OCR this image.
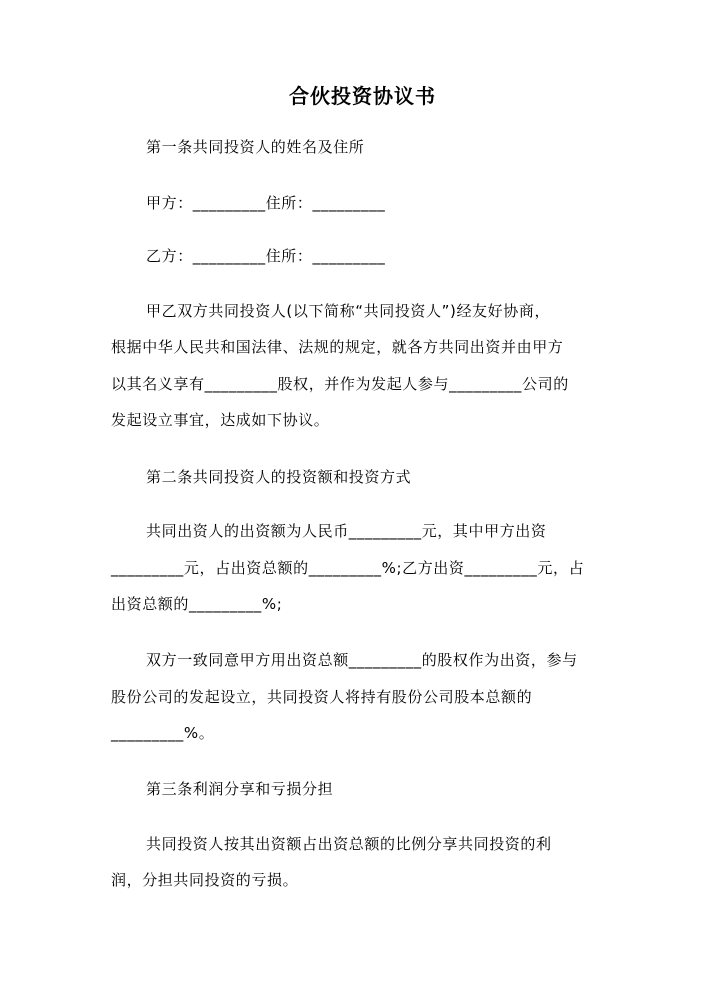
合伙投资协议书
第一条共同投资人的姓名及住所
甲方：_________住所：_________
乙方：_________住所：_________
甲乙双方共同投资人(以下简称“共同投资人”)经友好协商，
根据中华人民共和国法律、法规的规定，就各方共同出资并由甲方
以其名义享有_________股权，并作为发起人参与_________公司的
发起设立事宜，达成如下协议。
第二条共同投资人的投资额和投资方式
共同出资人的出资额为人民币_________元，其中甲方出资
_________元，占出资总额的_________%;乙方出资_________元，占
出资总额的_________%;
双方一致同意甲方用出资总额_________的股权作为出资，参与
股份公司的发起设立，共同投资人将持有股份公司股本总额的
_________%。
第三条利润分享和亏损分担
共同投资人按其出资额占出资总额的比例分享共同投资的利
润，分担共同投资的亏损。
